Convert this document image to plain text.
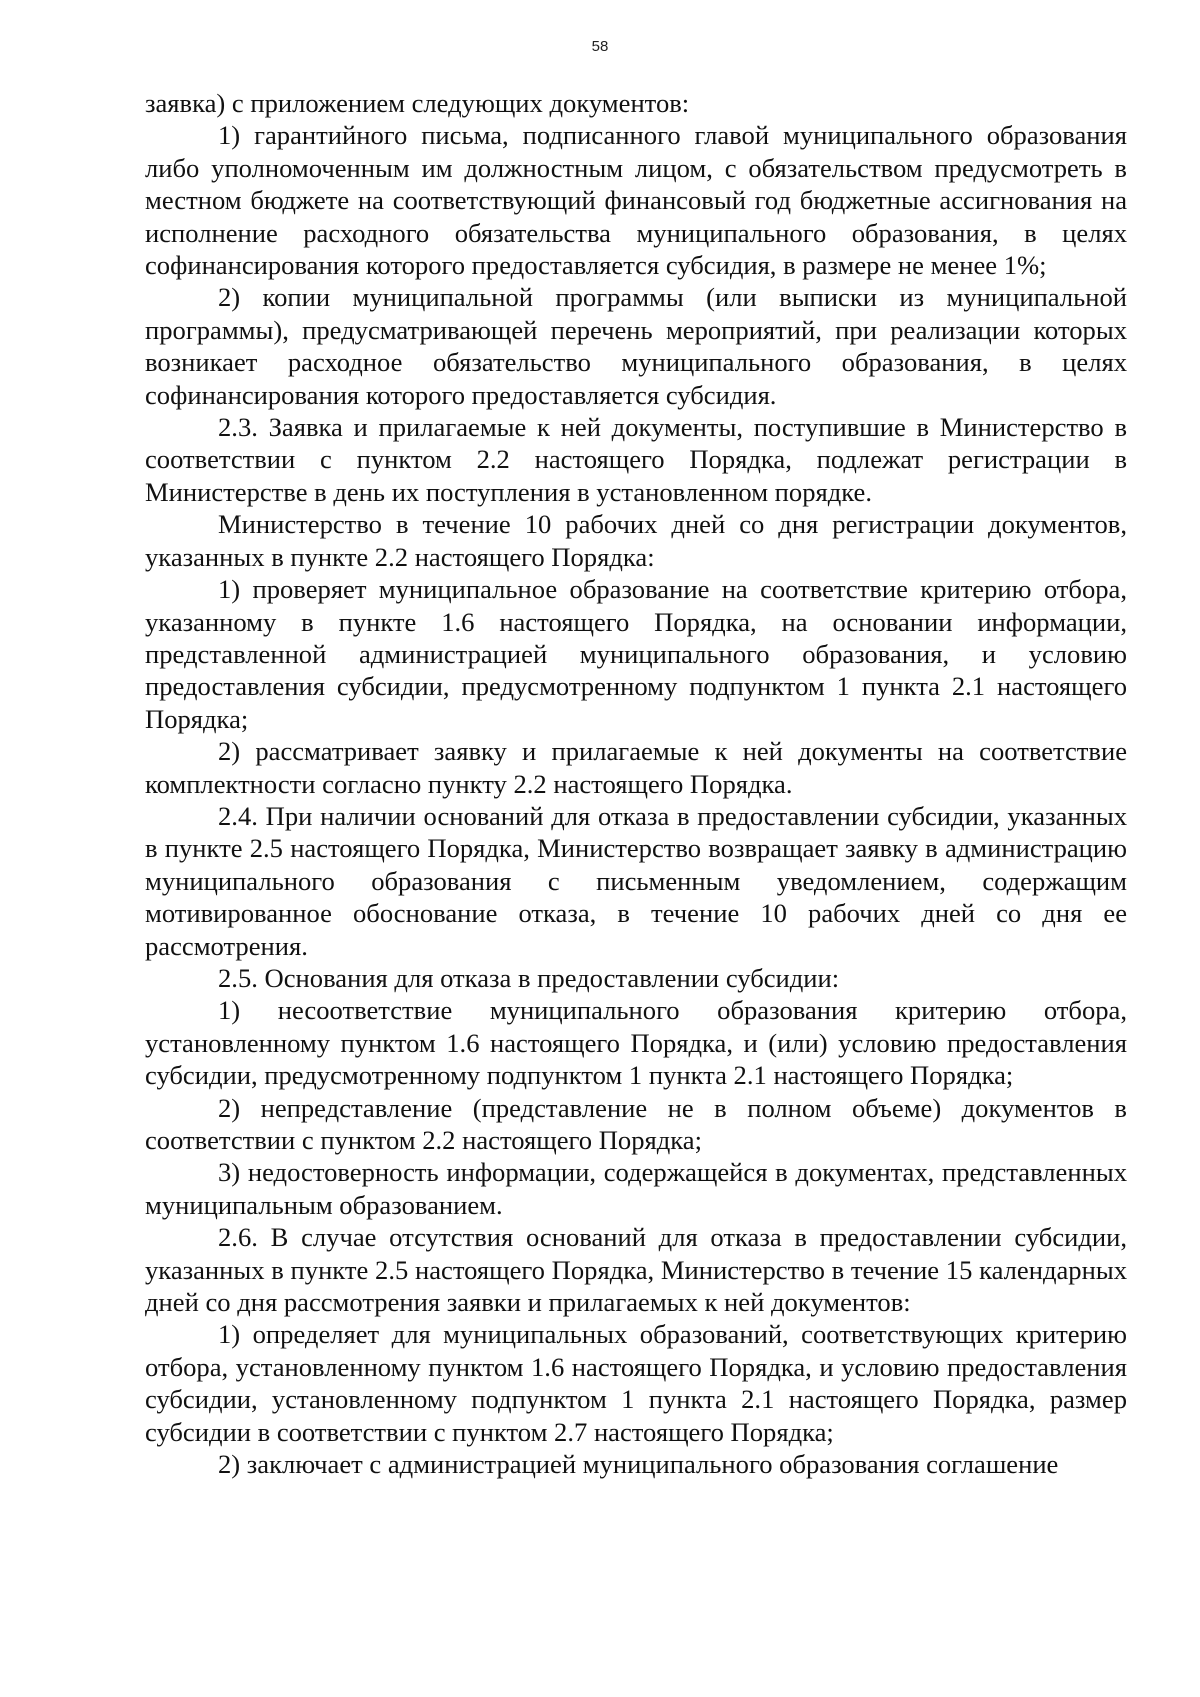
58

заявка) с приложением следующих документов:

1) гарантийного письма, подписанного главой муниципального образования либо уполномоченным им должностным лицом, с обязательством предусмотреть в местном бюджете на соответствующий финансовый год бюджетные ассигнования на исполнение расходного обязательства муниципального образования, в целях софинансирования которого предоставляется субсидия, в размере не менее 1%;

2) копии муниципальной программы (или выписки из муниципальной программы), предусматривающей перечень мероприятий, при реализации которых возникает расходное обязательство муниципального образования, в целях софинансирования которого предоставляется субсидия.

2.3. Заявка и прилагаемые к ней документы, поступившие в Министерство в соответствии с пунктом 2.2 настоящего Порядка, подлежат регистрации в Министерстве в день их поступления в установленном порядке.

Министерство в течение 10 рабочих дней со дня регистрации документов, указанных в пункте 2.2 настоящего Порядка:

1) проверяет муниципальное образование на соответствие критерию отбора, указанному в пункте 1.6 настоящего Порядка, на основании информации, представленной администрацией муниципального образования, и условию предоставления субсидии, предусмотренному подпунктом 1 пункта 2.1 настоящего Порядка;

2) рассматривает заявку и прилагаемые к ней документы на соответствие комплектности согласно пункту 2.2 настоящего Порядка.

2.4. При наличии оснований для отказа в предоставлении субсидии, указанных в пункте 2.5 настоящего Порядка, Министерство возвращает заявку в администрацию муниципального образования с письменным уведомлением, содержащим мотивированное обоснование отказа, в течение 10 рабочих дней со дня ее рассмотрения.

2.5. Основания для отказа в предоставлении субсидии:

1) несоответствие муниципального образования критерию отбора, установленному пунктом 1.6 настоящего Порядка, и (или) условию предоставления субсидии, предусмотренному подпунктом 1 пункта 2.1 настоящего Порядка;

2) непредставление (представление не в полном объеме) документов в соответствии с пунктом 2.2 настоящего Порядка;

3) недостоверность информации, содержащейся в документах, представленных муниципальным образованием.

2.6. В случае отсутствия оснований для отказа в предоставлении субсидии, указанных в пункте 2.5 настоящего Порядка, Министерство в течение 15 календарных дней со дня рассмотрения заявки и прилагаемых к ней документов:

1) определяет для муниципальных образований, соответствующих критерию отбора, установленному пунктом 1.6 настоящего Порядка, и условию предоставления субсидии, установленному подпунктом 1 пункта 2.1 настоящего Порядка, размер субсидии в соответствии с пунктом 2.7 настоящего Порядка;

2) заключает с администрацией муниципального образования соглашение
